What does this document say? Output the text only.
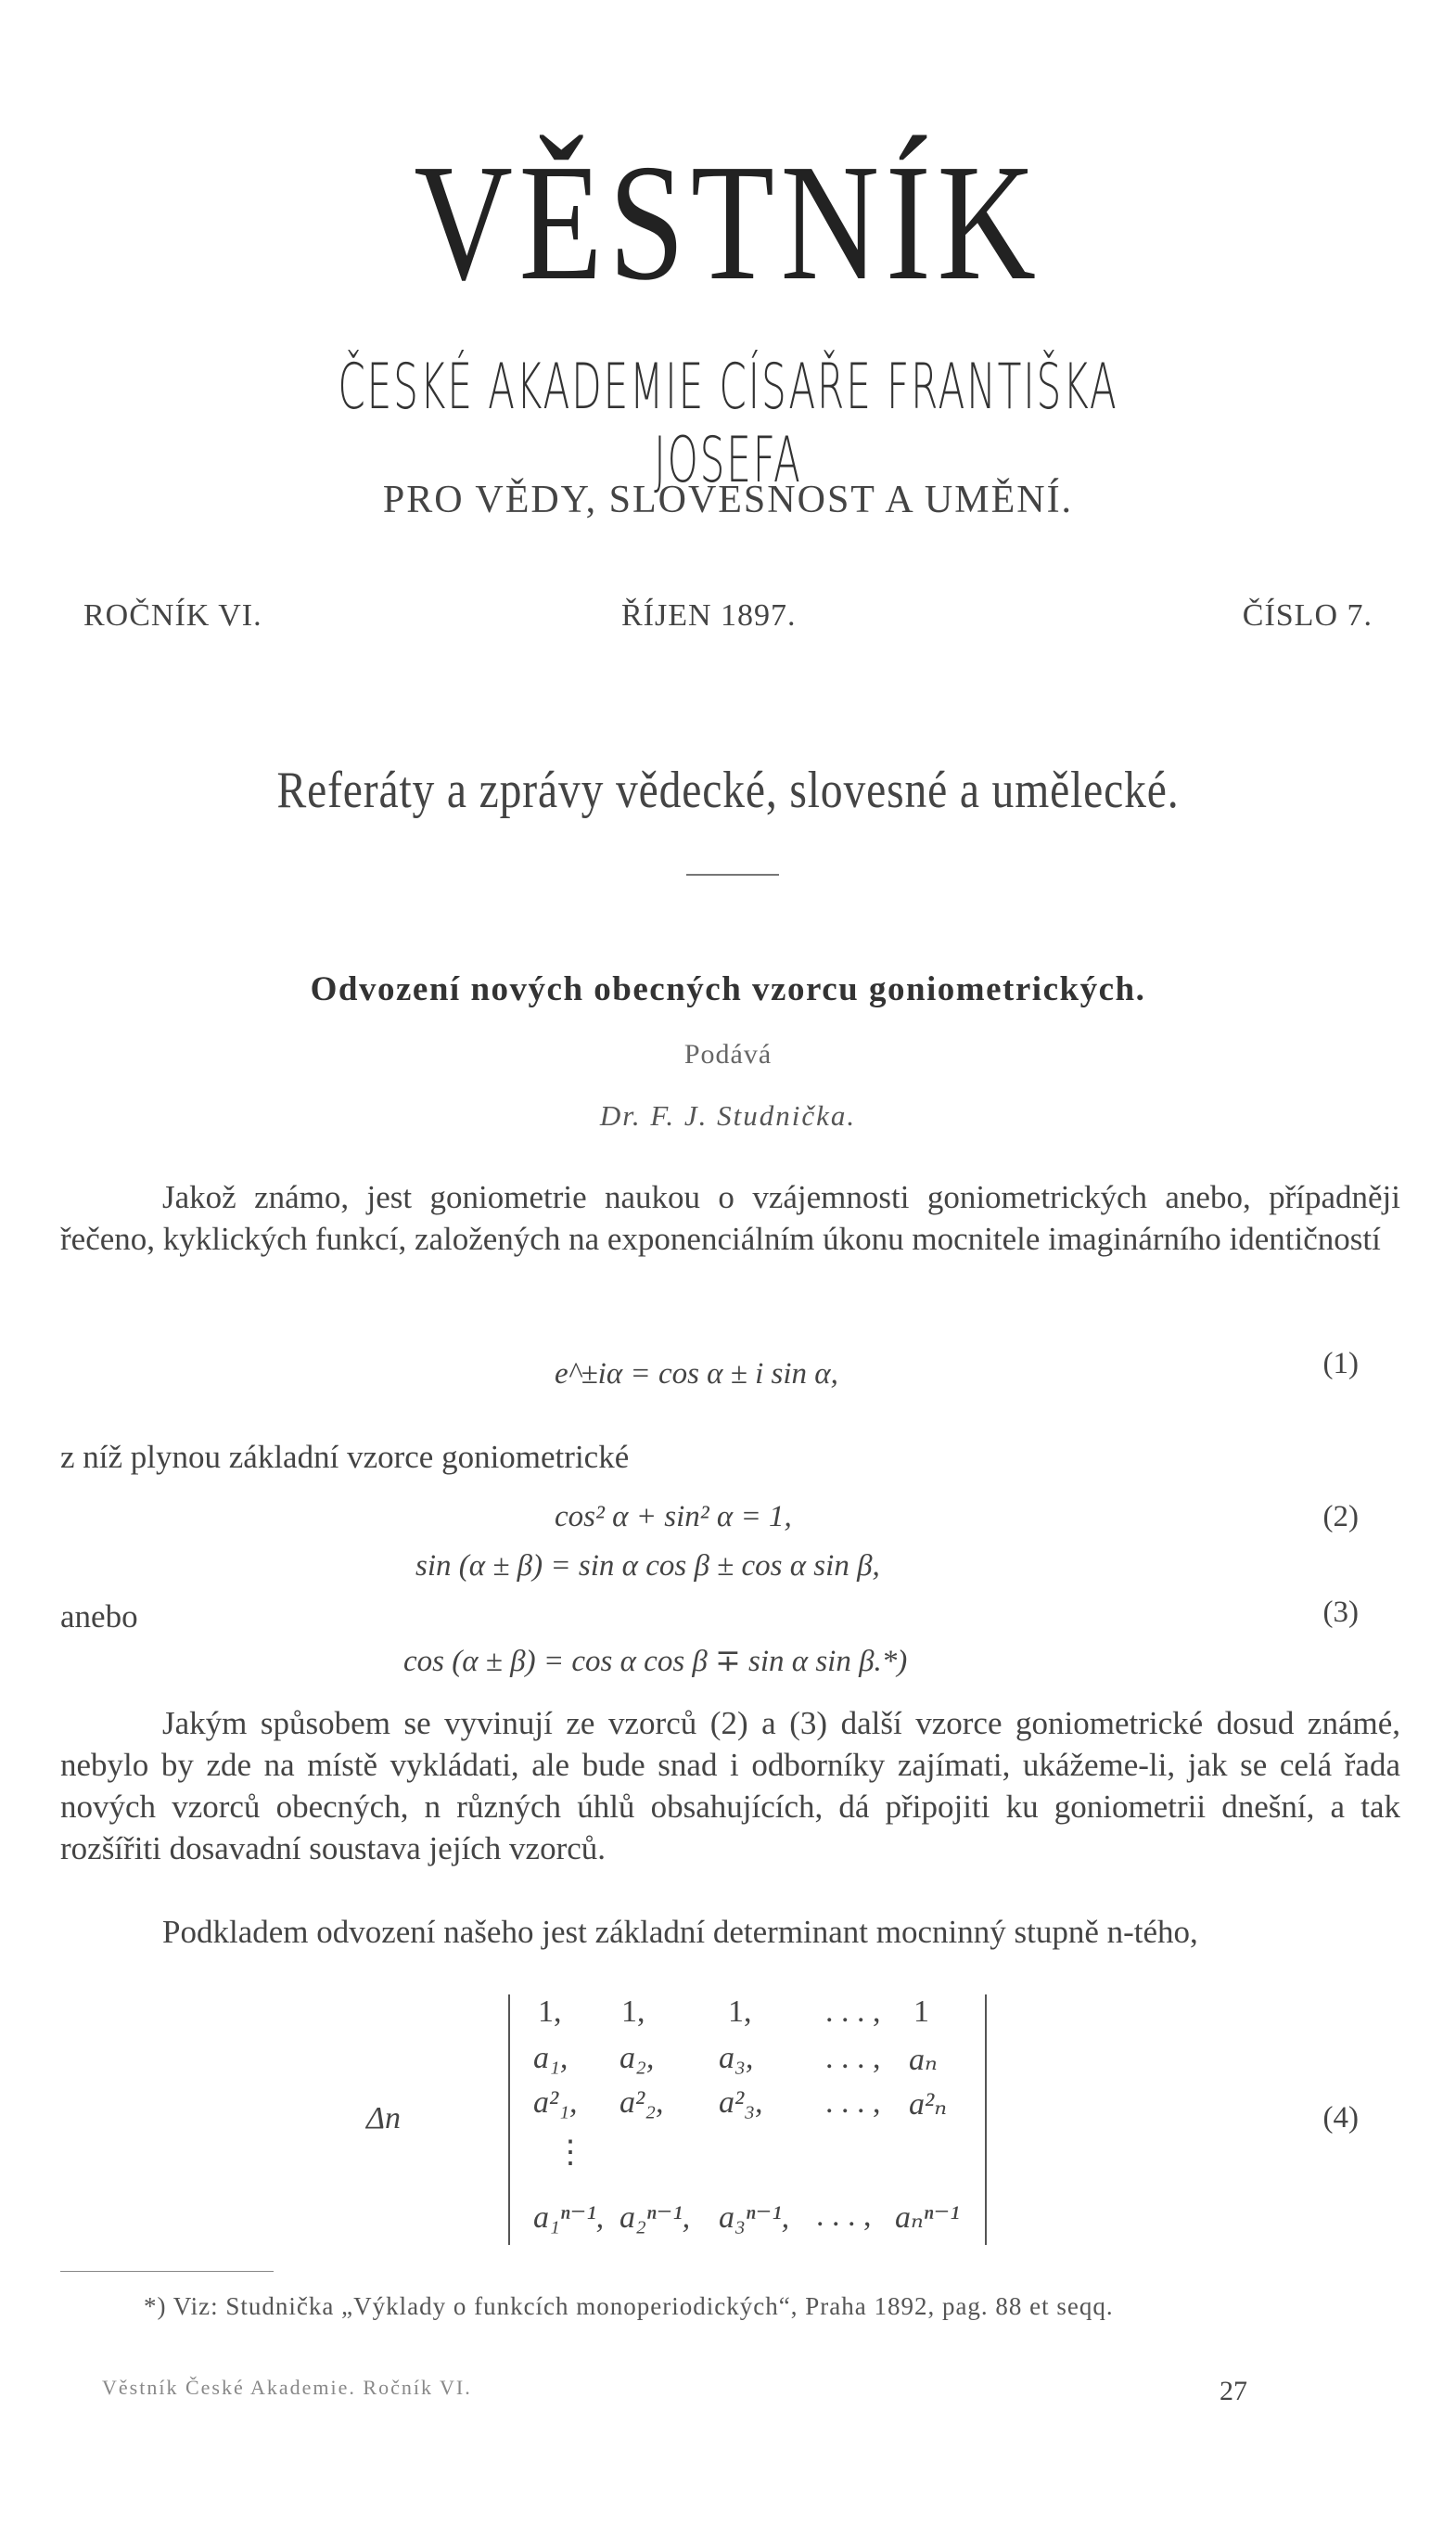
VĚSTNÍK
ČESKÉ AKADEMIE CÍSAŘE FRANTIŠKA JOSEFA
PRO VĚDY, SLOVESNOST A UMĚNÍ.
ROČNÍK VI.	ŘÍJEN 1897.	ČÍSLO 7.
Referáty a zprávy vědecké, slovesné a umělecké.
Odvození nových obecných vzorcu goniometrických.
Podává
Dr. F. J. Studnička.
Jakož známo, jest goniometrie naukou o vzájemnosti goniometrických anebo, případněji řečeno, kyklických funkcí, založených na exponenciálním úkonu mocnitele imaginárního identičností
e^±iα = cos α ± i sin α,	(1)
z níž plynou základní vzorce goniometrické
cos² α + sin² α = 1,	(2)
sin (α ± β) = sin α cos β ± cos α sin β,
anebo	(3)
cos (α ± β) = cos α cos β ∓ sin α sin β.*)
Jakým spůsobem se vyvinují ze vzorců (2) a (3) další vzorce goniometrické dosud známé, nebylo by zde na místě vykládati, ale bude snad i odborníky zajímati, ukážeme-li, jak se celá řada nových vzorců obecných, n různých úhlů obsahujících, dá připojiti ku goniometrii dnešní, a tak rozšířiti dosavadní soustava jejích vzorců.
Podkladem odvození našeho jest základní determinant mocninný stupně n-tého,
Δn
1, 1,	1, . . . , 1
a₁, a₂, a₃, . . . , aₙ
a²₁, a²₂, a²₃, . . . , a²ₙ
⋮
a₁ⁿ⁻¹, a₂ⁿ⁻¹, a₃ⁿ⁻¹, . . . , aₙⁿ⁻¹
(4)
*) Viz: Studnička „Výklady o funkcích monoperiodických“, Praha 1892, pag. 88 et seqq.
Věstník České Akademie. Ročník VI.	27
